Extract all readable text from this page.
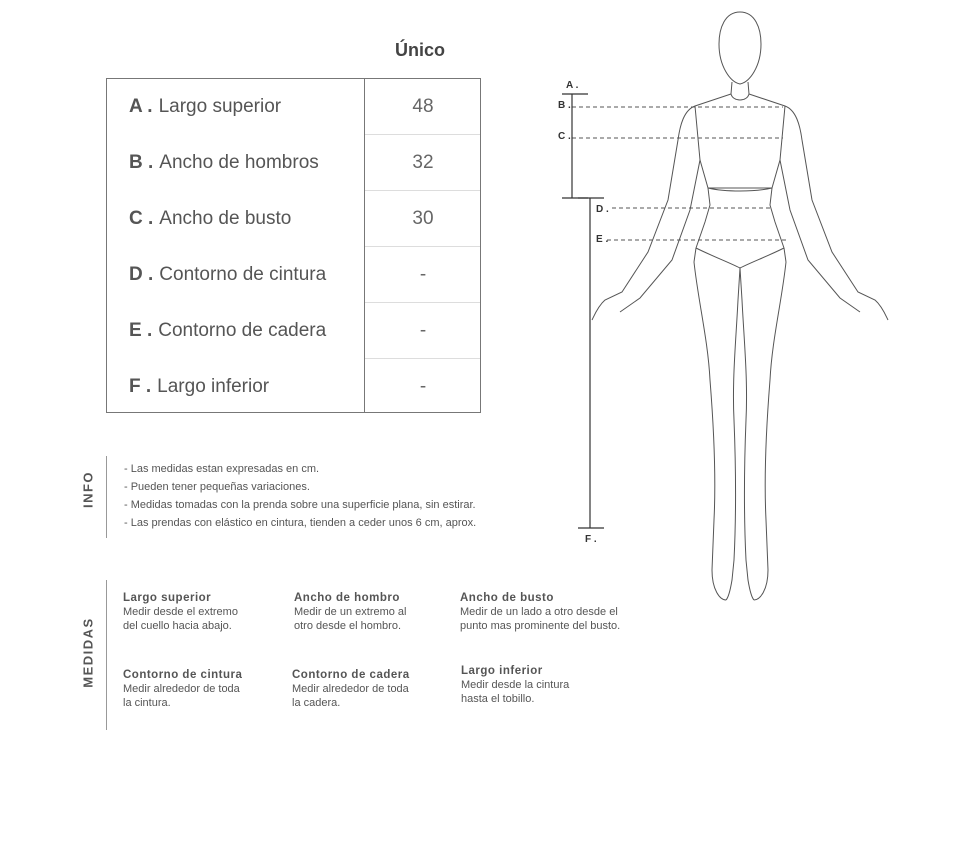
Único
A . Largo superior	48
B . Ancho de hombros	32
C . Ancho de busto	30
D . Contorno de cintura	-
E . Contorno de cadera	-
F . Largo inferior	-
INFO
- Las medidas estan expresadas en cm.
- Pueden tener pequeñas variaciones.
- Medidas tomadas con la prenda sobre una superficie plana, sin estirar.
- Las prendas con elástico en cintura, tienden a ceder unos 6 cm, aprox.
MEDIDAS
Largo superior
Medir desde el extremo
del cuello hacia abajo.
Ancho de hombro
Medir de un extremo al
otro desde el hombro.
Ancho de busto
Medir de un lado a otro desde el
punto mas prominente del busto.
Contorno de cintura
Medir alrededor de toda
la cintura.
Contorno de cadera
Medir alrededor de toda
la cadera.
Largo inferior
Medir desde la cintura
hasta el tobillo.
A .
B .
C .
D .
E .
F .
